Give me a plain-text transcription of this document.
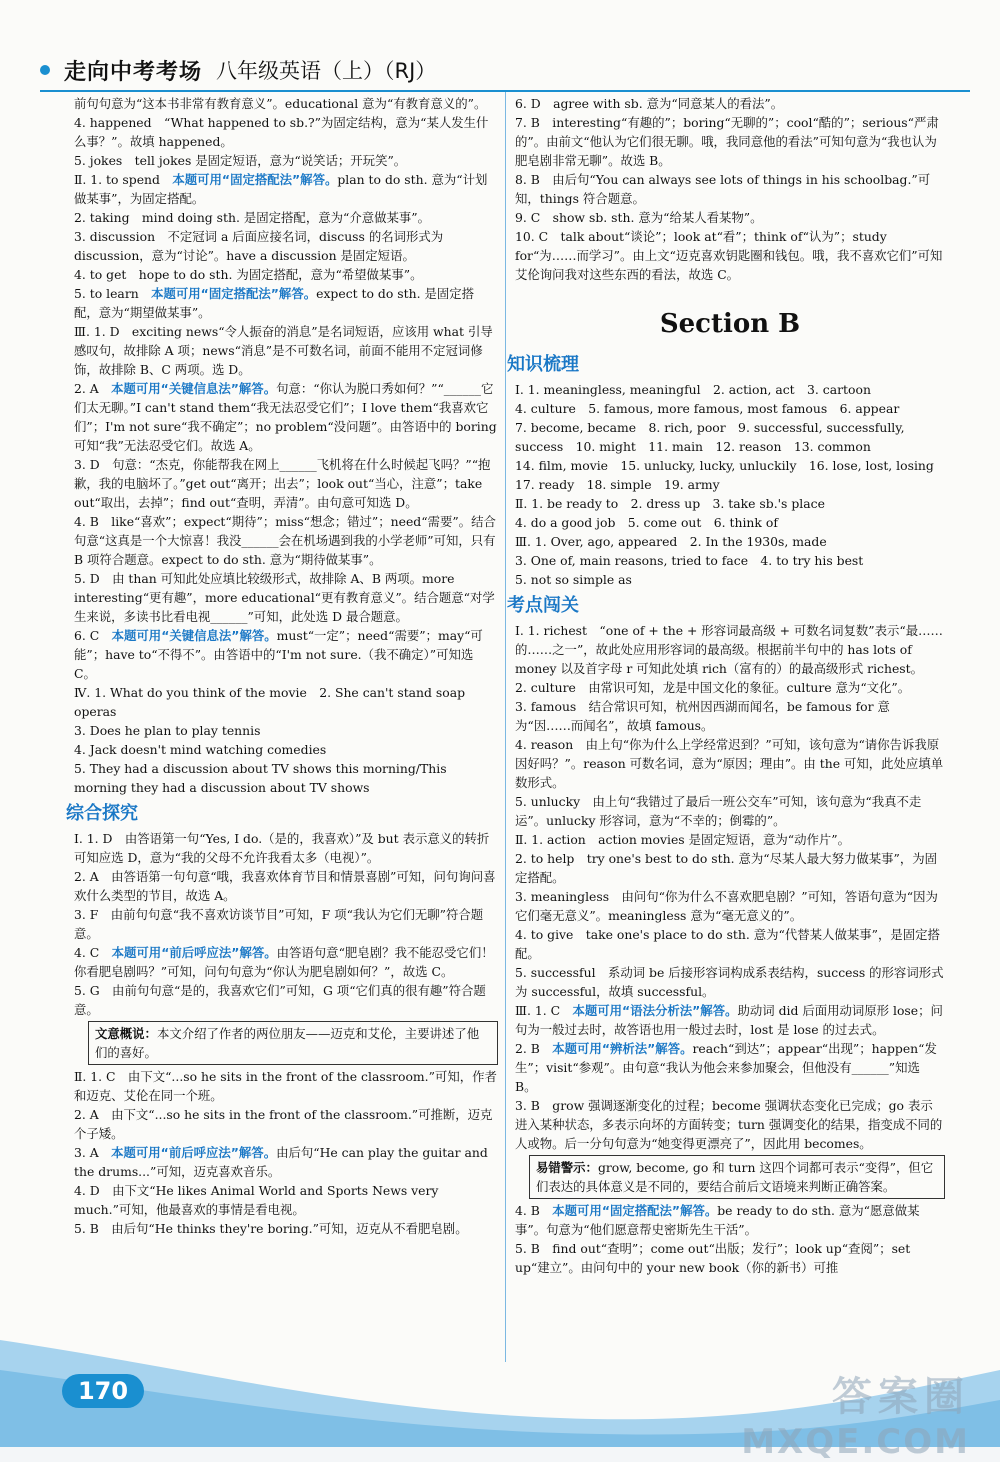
走向中考考场 八年级英语（上）（RJ）
前句句意为“这本书非常有教育意义”。educational 意为“有教育意义的”。
4. happened　“What happened to sb.?”为固定结构，意为“某人发生什么事？”。故填 happened。
5. jokes　tell jokes 是固定短语，意为“说笑话；开玩笑”。
Ⅱ. 1. to spend　本题可用“固定搭配法”解答。plan to do sth. 意为“计划做某事”，为固定搭配。
2. taking　mind doing sth. 是固定搭配，意为“介意做某事”。
3. discussion　不定冠词 a 后面应接名词，discuss 的名词形式为 discussion，意为“讨论”。have a discussion 是固定短语。
4. to get　hope to do sth. 为固定搭配，意为“希望做某事”。
5. to learn　本题可用“固定搭配法”解答。expect to do sth. 是固定搭配，意为“期望做某事”。
Ⅲ. 1. D　exciting news“令人振奋的消息”是名词短语，应该用 what 引导感叹句，故排除 A 项；news“消息”是不可数名词，前面不能用不定冠词修饰，故排除 B、C 两项。选 D。
2. A　本题可用“关键信息法”解答。句意：“你认为脱口秀如何？”“______它们太无聊。”I can't stand them“我无法忍受它们”；I love them“我喜欢它们”；I'm not sure“我不确定”；no problem“没问题”。由答语中的 boring 可知“我”无法忍受它们。故选 A。
3. D　句意：“杰克，你能帮我在网上______飞机将在什么时候起飞吗？”“抱歉，我的电脑坏了。”get out“离开；出去”；look out“当心，注意”；take out“取出，去掉”；find out“查明，弄清”。由句意可知选 D。
4. B　like“喜欢”；expect“期待”；miss“想念；错过”；need“需要”。结合句意“这真是一个大惊喜！我没______会在机场遇到我的小学老师”可知，只有 B 项符合题意。expect to do sth. 意为“期待做某事”。
5. D　由 than 可知此处应填比较级形式，故排除 A、B 两项。more interesting“更有趣”，more educational“更有教育意义”。结合题意“对学生来说，多读书比看电视______”可知，此处选 D 最合题意。
6. C　本题可用“关键信息法”解答。must“一定”；need“需要”；may“可能”；have to“不得不”。由答语中的“I'm not sure.（我不确定）”可知选 C。
Ⅳ. 1. What do you think of the movie　2. She can't stand soap operas
3. Does he plan to play tennis
4. Jack doesn't mind watching comedies
5. They had a discussion about TV shows this morning/This morning they had a discussion about TV shows
综合探究
Ⅰ. 1. D　由答语第一句“Yes, I do.（是的，我喜欢）”及 but 表示意义的转折可知应选 D，意为“我的父母不允许我看太多（电视）”。
2. A　由答语第一句句意“哦，我喜欢体育节目和情景喜剧”可知，问句询问喜欢什么类型的节目，故选 A。
3. F　由前句句意“我不喜欢访谈节目”可知，F 项“我认为它们无聊”符合题意。
4. C　本题可用“前后呼应法”解答。由答语句意“肥皂剧？我不能忍受它们！你看肥皂剧吗？”可知，问句句意为“你认为肥皂剧如何？”，故选 C。
5. G　由前句句意“是的，我喜欢它们”可知，G 项“它们真的很有趣”符合题意。
文意概说：本文介绍了作者的两位朋友——迈克和艾伦，主要讲述了他们的喜好。
Ⅱ. 1. C　由下文“...so he sits in the front of the classroom.”可知，作者和迈克、艾伦在同一个班。
2. A　由下文“...so he sits in the front of the classroom.”可推断，迈克个子矮。
3. A　本题可用“前后呼应法”解答。由后句“He can play the guitar and the drums...”可知，迈克喜欢音乐。
4. D　由下文“He likes Animal World and Sports News very much.”可知，他最喜欢的事情是看电视。
5. B　由后句“He thinks they're boring.”可知，迈克从不看肥皂剧。
6. D　agree with sb. 意为“同意某人的看法”。
7. B　interesting“有趣的”；boring“无聊的”；cool“酷的”；serious“严肃的”。由前文“他认为它们很无聊。哦，我同意他的看法”可知句意为“我也认为肥皂剧非常无聊”。故选 B。
8. B　由后句“You can always see lots of things in his schoolbag.”可知，things 符合题意。
9. C　show sb. sth. 意为“给某人看某物”。
10. C　talk about“谈论”；look at“看”；think of“认为”；study for“为……而学习”。由上文“迈克喜欢钥匙圈和钱包。哦，我不喜欢它们”可知艾伦询问我对这些东西的看法，故选 C。
Section B
知识梳理
Ⅰ. 1. meaningless, meaningful　2. action, act　3. cartoon
4. culture　5. famous, more famous, most famous　6. appear
7. become, became　8. rich, poor　9. successful, successfully, success　10. might　11. main　12. reason　13. common
14. film, movie　15. unlucky, lucky, unluckily　16. lose, lost, losing
17. ready　18. simple　19. army
Ⅱ. 1. be ready to　2. dress up　3. take sb.'s place
4. do a good job　5. come out　6. think of
Ⅲ. 1. Over, ago, appeared　2. In the 1930s, made
3. One of, main reasons, tried to face　4. to try his best
5. not so simple as
考点闯关
Ⅰ. 1. richest　“one of + the + 形容词最高级 + 可数名词复数”表示“最……的……之一”，故此处应用形容词的最高级。根据前半句中的 has lots of money 以及首字母 r 可知此处填 rich（富有的）的最高级形式 richest。
2. culture　由常识可知，龙是中国文化的象征。culture 意为“文化”。
3. famous　结合常识可知，杭州因西湖而闻名，be famous for 意为“因……而闻名”，故填 famous。
4. reason　由上句“你为什么上学经常迟到？”可知，该句意为“请你告诉我原因好吗？”。reason 可数名词，意为“原因；理由”。由 the 可知，此处应填单数形式。
5. unlucky　由上句“我错过了最后一班公交车”可知，该句意为“我真不走运”。unlucky 形容词，意为“不幸的；倒霉的”。
Ⅱ. 1. action　action movies 是固定短语，意为“动作片”。
2. to help　try one's best to do sth. 意为“尽某人最大努力做某事”，为固定搭配。
3. meaningless　由问句“你为什么不喜欢肥皂剧？”可知，答语句意为“因为它们毫无意义”。meaningless 意为“毫无意义的”。
4. to give　take one's place to do sth. 意为“代替某人做某事”，是固定搭配。
5. successful　系动词 be 后接形容词构成系表结构，success 的形容词形式为 successful，故填 successful。
Ⅲ. 1. C　本题可用“语法分析法”解答。助动词 did 后面用动词原形 lose；问句为一般过去时，故答语也用一般过去时，lost 是 lose 的过去式。
2. B　本题可用“辨析法”解答。reach“到达”；appear“出现”；happen“发生”；visit“参观”。由句意“我认为他会来参加聚会，但他没有______”知选 B。
3. B　grow 强调逐渐变化的过程；become 强调状态变化已完成；go 表示进入某种状态，多表示向坏的方面转变；turn 强调变化的结果，指变成不同的人或物。后一分句句意为“她变得更漂亮了”，因此用 becomes。
易错警示：grow, become, go 和 turn 这四个词都可表示“变得”，但它们表达的具体意义是不同的，要结合前后文语境来判断正确答案。
4. B　本题可用“固定搭配法”解答。be ready to do sth. 意为“愿意做某事”。句意为“他们愿意帮史密斯先生干活”。
5. B　find out“查明”；come out“出版；发行”；look up“查阅”；set up“建立”。由问句中的 your new book（你的新书）可推
170	答案圈
MXQE.COM
